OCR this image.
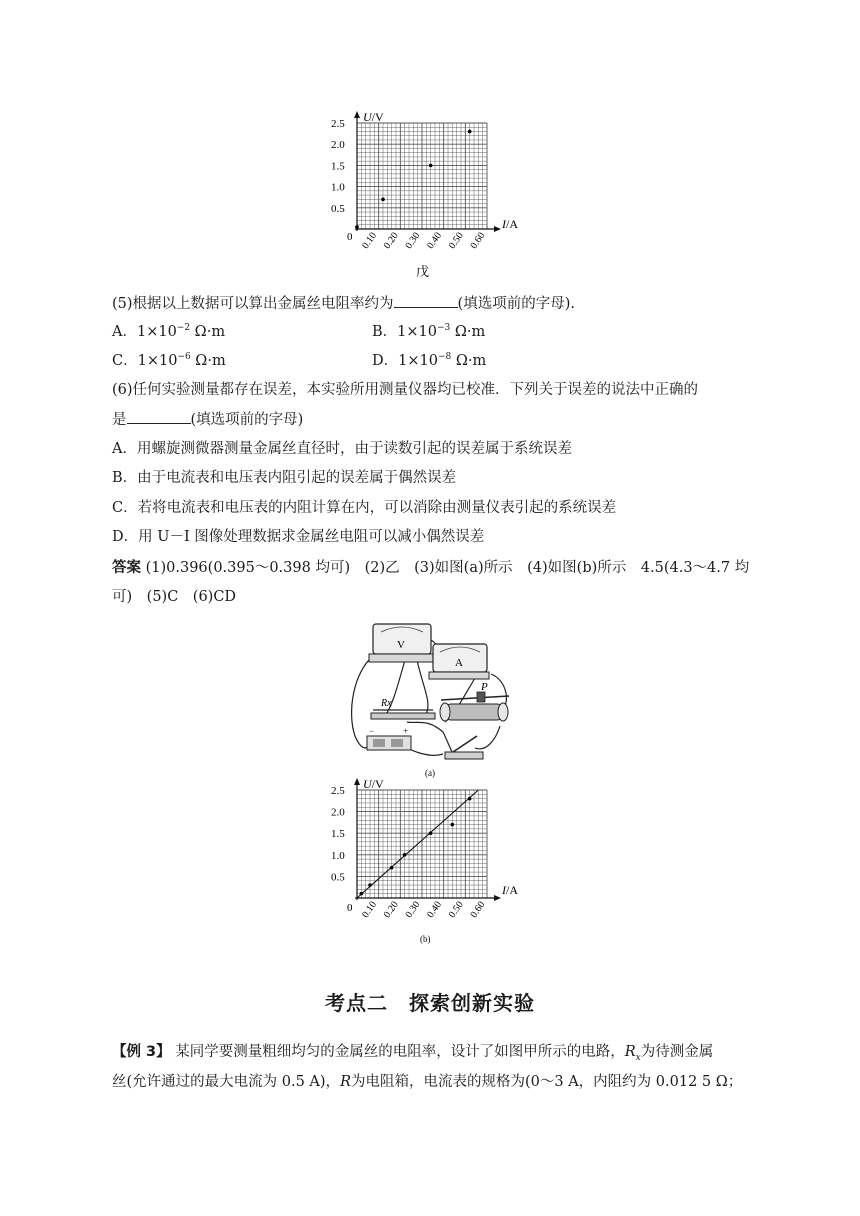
2.5
2.0
1.5
1.0
0.5
0.10 0.20 0.30 0.40 0.50 0.60
U/V
I/A
0
戊
(5)根据以上数据可以算出金属丝电阻率约为	(填选项前的字母).
A．$1\times 10^{-2}$ Ω·m	B．$1\times 10^{-3}$ Ω·m
C．$1\times 10^{-6}$ Ω·m	D．$1\times 10^{-8}$ Ω·m
(6)任何实验测量都存在误差，本实验所用测量仪器均已校准．下列关于误差的说法中正确的
是	(填选项前的字母)
A．用螺旋测微器测量金属丝直径时，由于读数引起的误差属于系统误差
B．由于电流表和电压表内阻引起的误差属于偶然误差
C．若将电流表和电压表的内阻计算在内，可以消除由测量仪表引起的系统误差
D．用 U－I 图像处理数据求金属丝电阻可以减小偶然误差
答案 (1)0.396(0.395～0.398 均可)　(2)乙　(3)如图(a)所示　(4)如图(b)所示　4.5(4.3～4.7 均
可)　(5)C　(6)CD
V
A
Rx
P
−	+
(a)
2.5
2.0
1.5
1.0
0.5
0.10 0.20 0.30 0.40 0.50 0.60
U/V
I/A
0
(b)
考点二　探索创新实验
【例 3】 某同学要测量粗细均匀的金属丝的电阻率，设计了如图甲所示的电路，$R_x$为待测金属
丝(允许通过的最大电流为 0.5 A)，R为电阻箱，电流表的规格为(0～3 A，内阻约为 0.012 5 Ω；
